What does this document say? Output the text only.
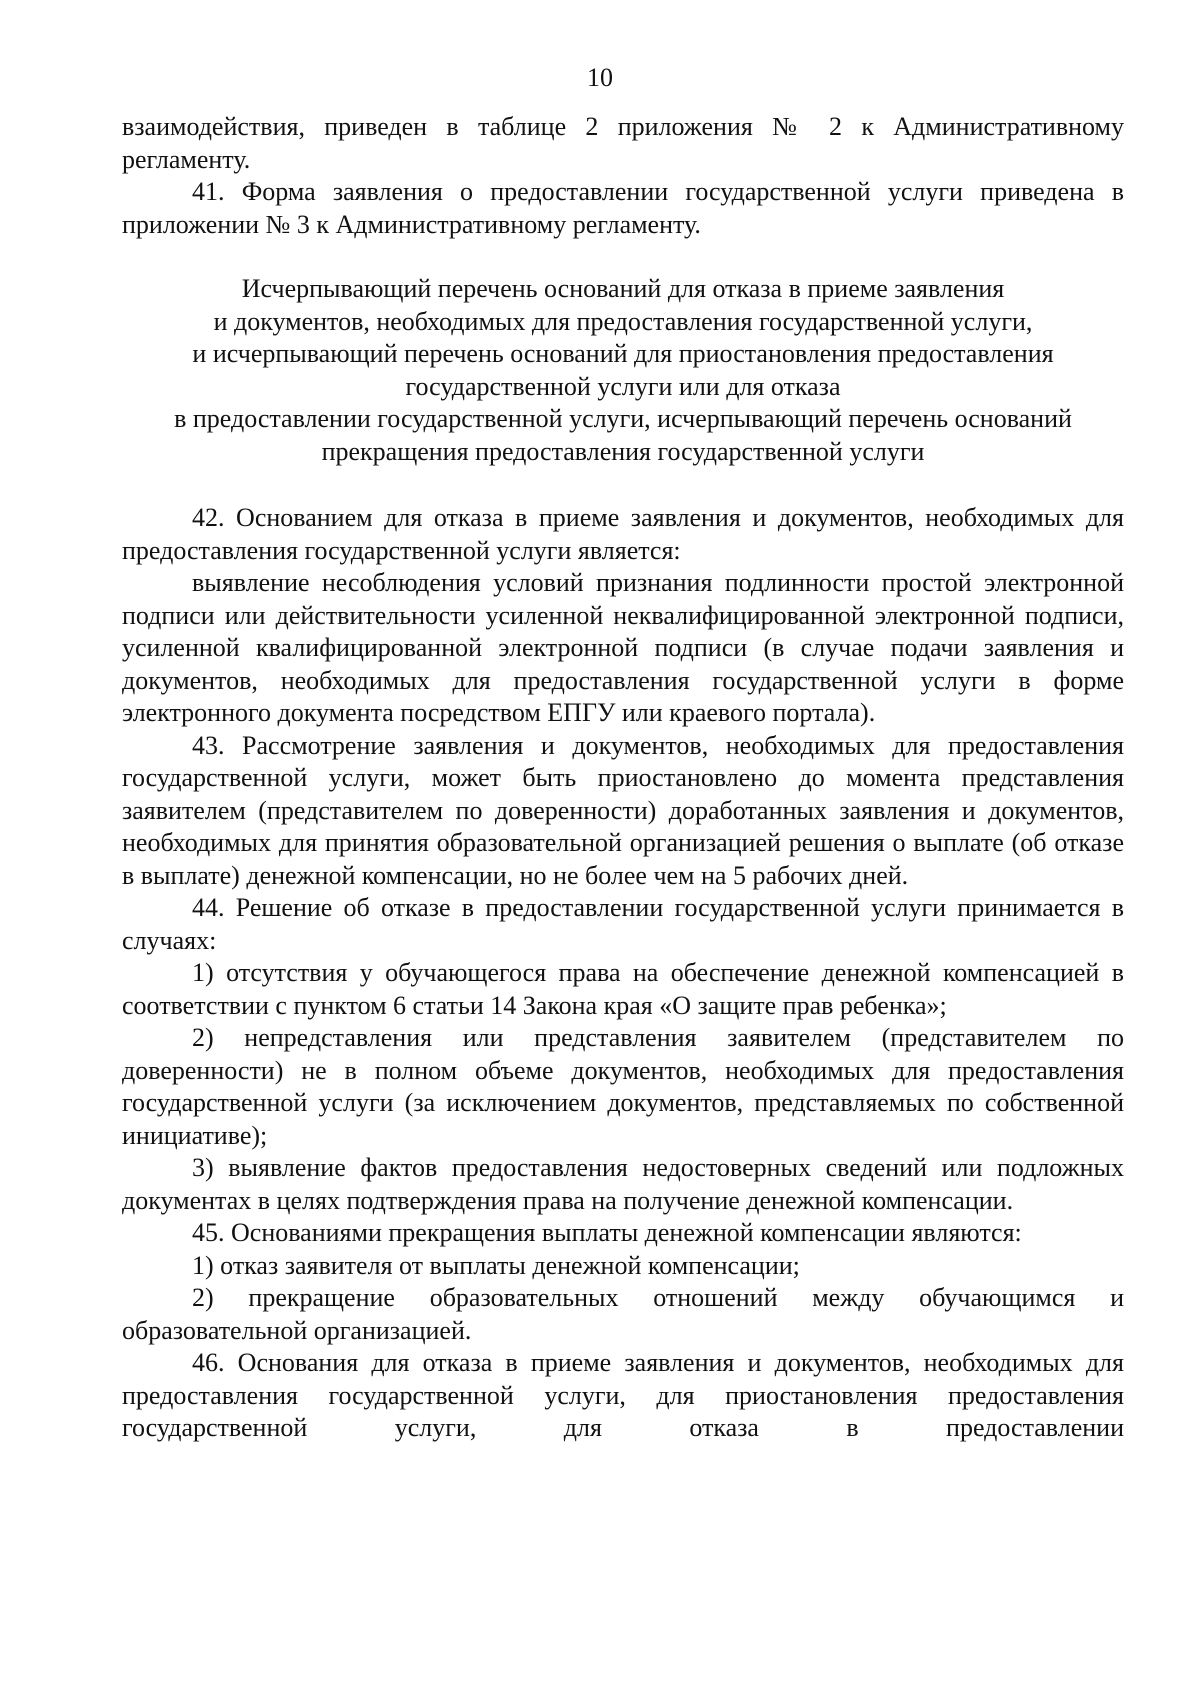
10

взаимодействия, приведен в таблице 2 приложения № 2 к Административному регламенту.

41. Форма заявления о предоставлении государственной услуги приведена в приложении № 3 к Административному регламенту.

Исчерпывающий перечень оснований для отказа в приеме заявления

и документов, необходимых для предоставления государственной услуги,

и исчерпывающий перечень оснований для приостановления предоставления

государственной услуги или для отказа

в предоставлении государственной услуги, исчерпывающий перечень оснований

прекращения предоставления государственной услуги

42. Основанием для отказа в приеме заявления и документов, необходимых для предоставления государственной услуги является:

выявление несоблюдения условий признания подлинности простой электронной подписи или действительности усиленной неквалифицированной электронной подписи, усиленной квалифицированной электронной подписи (в случае подачи заявления и документов, необходимых для предоставления государственной услуги в форме электронного документа посредством ЕПГУ или краевого портала).

43. Рассмотрение заявления и документов, необходимых для предоставления государственной услуги, может быть приостановлено до момента представления заявителем (представителем по доверенности) доработанных заявления и документов, необходимых для принятия образовательной организацией решения о выплате (об отказе в выплате) денежной компенсации, но не более чем на 5 рабочих дней.

44. Решение об отказе в предоставлении государственной услуги принимается в случаях:

1) отсутствия у обучающегося права на обеспечение денежной компенсацией в соответствии с пунктом 6 статьи 14 Закона края «О защите прав ребенка»;

2) непредставления или представления заявителем (представителем по доверенности) не в полном объеме документов, необходимых для предоставления государственной услуги (за исключением документов, представляемых по собственной инициативе);

3) выявление фактов предоставления недостоверных сведений или подложных документах в целях подтверждения права на получение денежной компенсации.

45. Основаниями прекращения выплаты денежной компенсации являются:

1) отказ заявителя от выплаты денежной компенсации;

2) прекращение образовательных отношений между обучающимся и образовательной организацией.

46. Основания для отказа в приеме заявления и документов, необходимых для предоставления государственной услуги, для приостановления предоставления государственной услуги, для отказа в предоставлении
